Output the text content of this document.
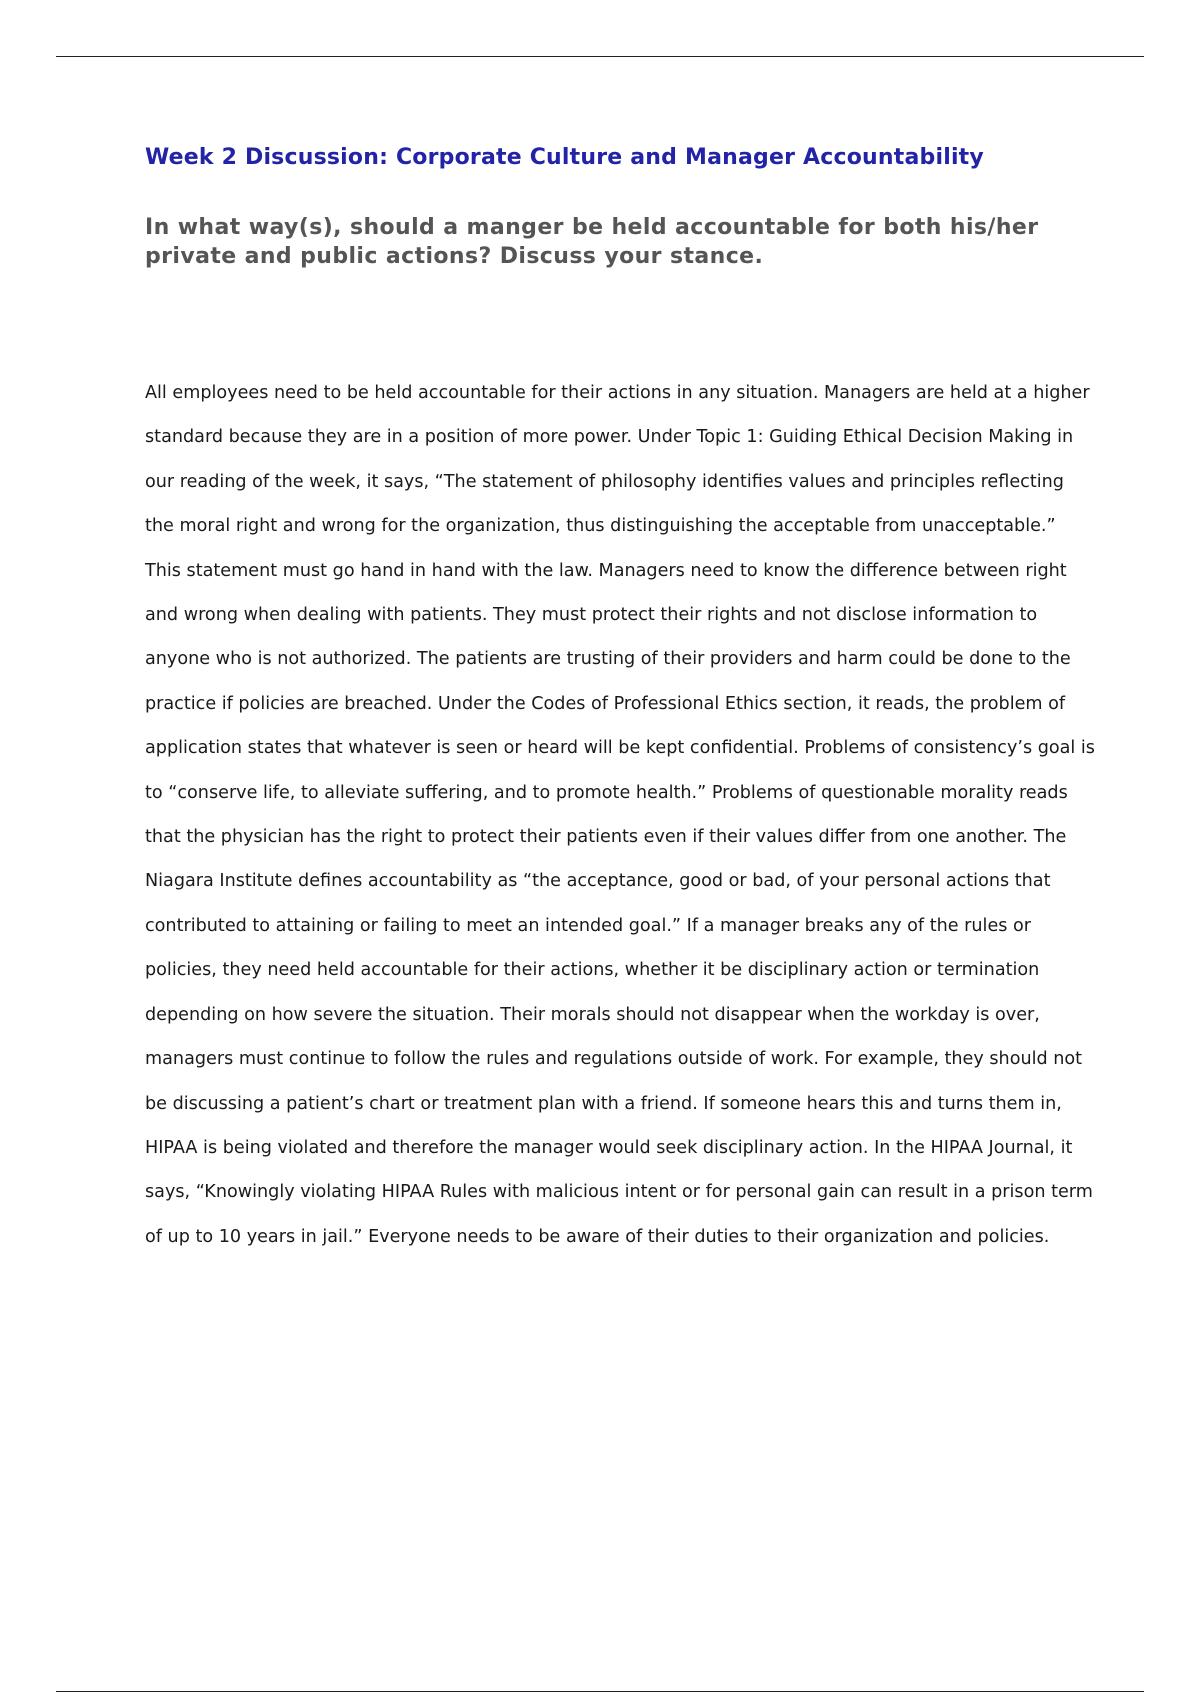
Week 2 Discussion: Corporate Culture and Manager Accountability
In what way(s), should a manger be held accountable for both his/her private and public actions? Discuss your stance.

All employees need to be held accountable for their actions in any situation. Managers are held at a higher standard because they are in a position of more power. Under Topic 1: Guiding Ethical Decision Making in our reading of the week, it says, “The statement of philosophy identifies values and principles reflecting the moral right and wrong for the organization, thus distinguishing the acceptable from unacceptable.” This statement must go hand in hand with the law. Managers need to know the difference between right and wrong when dealing with patients. They must protect their rights and not disclose information to anyone who is not authorized. The patients are trusting of their providers and harm could be done to the practice if policies are breached. Under the Codes of Professional Ethics section, it reads, the problem of application states that whatever is seen or heard will be kept confidential. Problems of consistency’s goal is to “conserve life, to alleviate suffering, and to promote health.” Problems of questionable morality reads that the physician has the right to protect their patients even if their values differ from one another. The Niagara Institute defines accountability as “the acceptance, good or bad, of your personal actions that contributed to attaining or failing to meet an intended goal.” If a manager breaks any of the rules or policies, they need held accountable for their actions, whether it be disciplinary action or termination depending on how severe the situation. Their morals should not disappear when the workday is over, managers must continue to follow the rules and regulations outside of work. For example, they should not be discussing a patient’s chart or treatment plan with a friend. If someone hears this and turns them in, HIPAA is being violated and therefore the manager would seek disciplinary action. In the HIPAA Journal, it says, “Knowingly violating HIPAA Rules with malicious intent or for personal gain can result in a prison term of up to 10 years in jail.” Everyone needs to be aware of their duties to their organization and policies.
